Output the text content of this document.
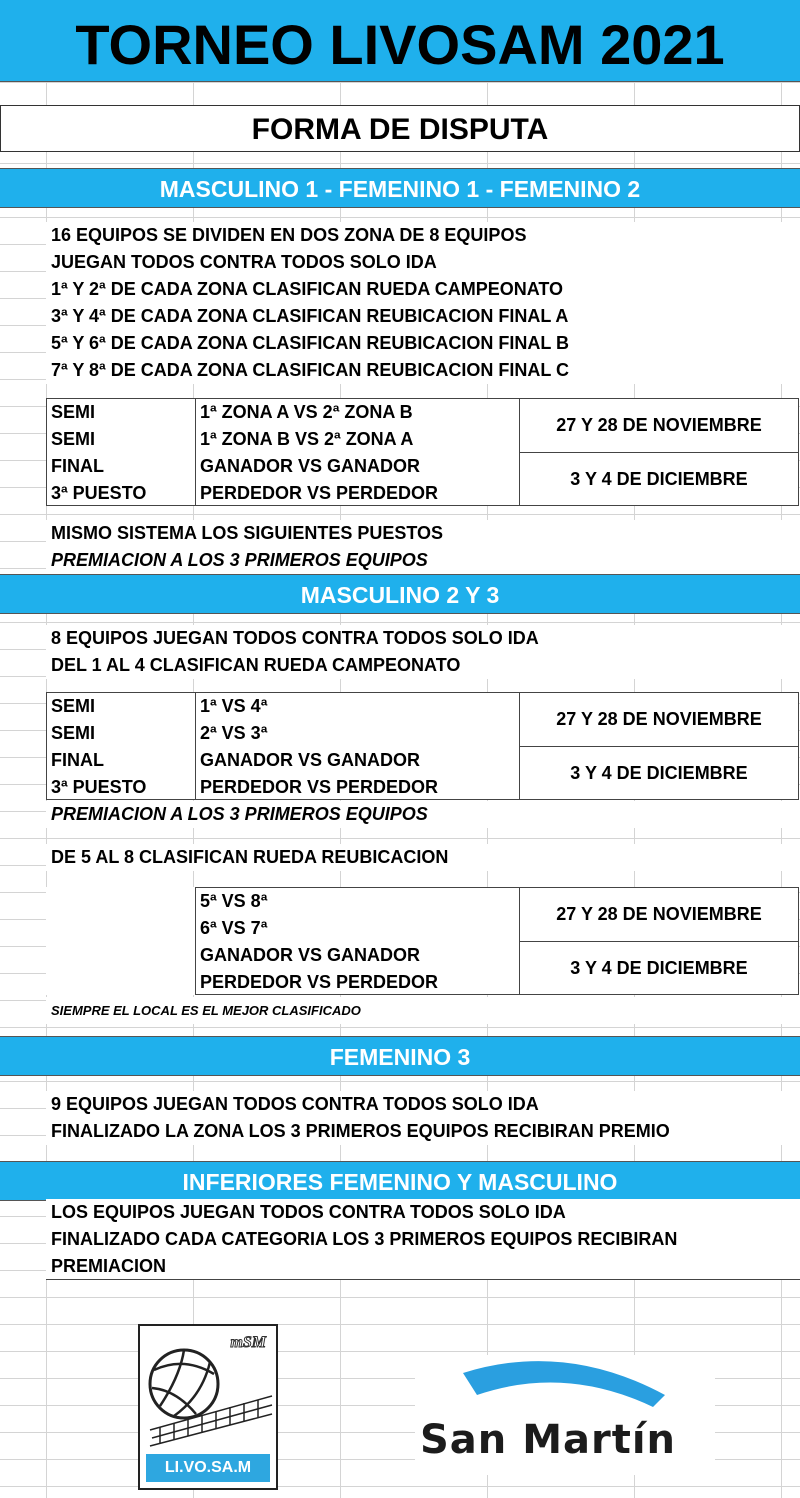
TORNEO LIVOSAM 2021
FORMA DE DISPUTA
MASCULINO 1 - FEMENINO 1 - FEMENINO 2
16 EQUIPOS SE DIVIDEN EN DOS ZONA DE 8 EQUIPOS
JUEGAN TODOS CONTRA TODOS SOLO IDA
1ª Y 2ª DE CADA ZONA CLASIFICAN RUEDA CAMPEONATO
3ª Y 4ª DE CADA ZONA CLASIFICAN REUBICACION FINAL A
5ª Y 6ª DE CADA ZONA CLASIFICAN REUBICACION FINAL B
7ª Y 8ª DE CADA ZONA CLASIFICAN REUBICACION FINAL C
SEMI
SEMI
FINAL
3ª PUESTO
1ª ZONA A VS 2ª ZONA B
1ª ZONA B VS 2ª ZONA A
GANADOR VS GANADOR
PERDEDOR VS PERDEDOR
27 Y 28 DE NOVIEMBRE
3 Y 4 DE DICIEMBRE
MISMO SISTEMA LOS SIGUIENTES PUESTOS
PREMIACION A LOS 3 PRIMEROS EQUIPOS
MASCULINO 2 Y 3
8 EQUIPOS JUEGAN TODOS CONTRA TODOS SOLO IDA
DEL 1 AL 4 CLASIFICAN RUEDA CAMPEONATO
SEMI
SEMI
FINAL
3ª PUESTO
1ª VS 4ª
2ª VS 3ª
GANADOR VS GANADOR
PERDEDOR VS PERDEDOR
27 Y 28 DE NOVIEMBRE
3 Y 4 DE DICIEMBRE
PREMIACION A LOS 3 PRIMEROS EQUIPOS
DE 5 AL 8 CLASIFICAN RUEDA REUBICACION
5ª VS 8ª
6ª VS 7ª
GANADOR VS GANADOR
PERDEDOR VS PERDEDOR
27 Y 28 DE NOVIEMBRE
3 Y 4 DE DICIEMBRE
SIEMPRE EL LOCAL ES EL MEJOR CLASIFICADO
FEMENINO 3
9 EQUIPOS JUEGAN TODOS CONTRA TODOS SOLO IDA
FINALIZADO LA ZONA LOS 3 PRIMEROS EQUIPOS RECIBIRAN PREMIO
INFERIORES FEMENINO Y MASCULINO
LOS EQUIPOS JUEGAN TODOS CONTRA TODOS SOLO IDA
FINALIZADO CADA CATEGORIA LOS 3 PRIMEROS EQUIPOS RECIBIRAN
PREMIACION
mSM
LI.VO.SA.M
San Martín
